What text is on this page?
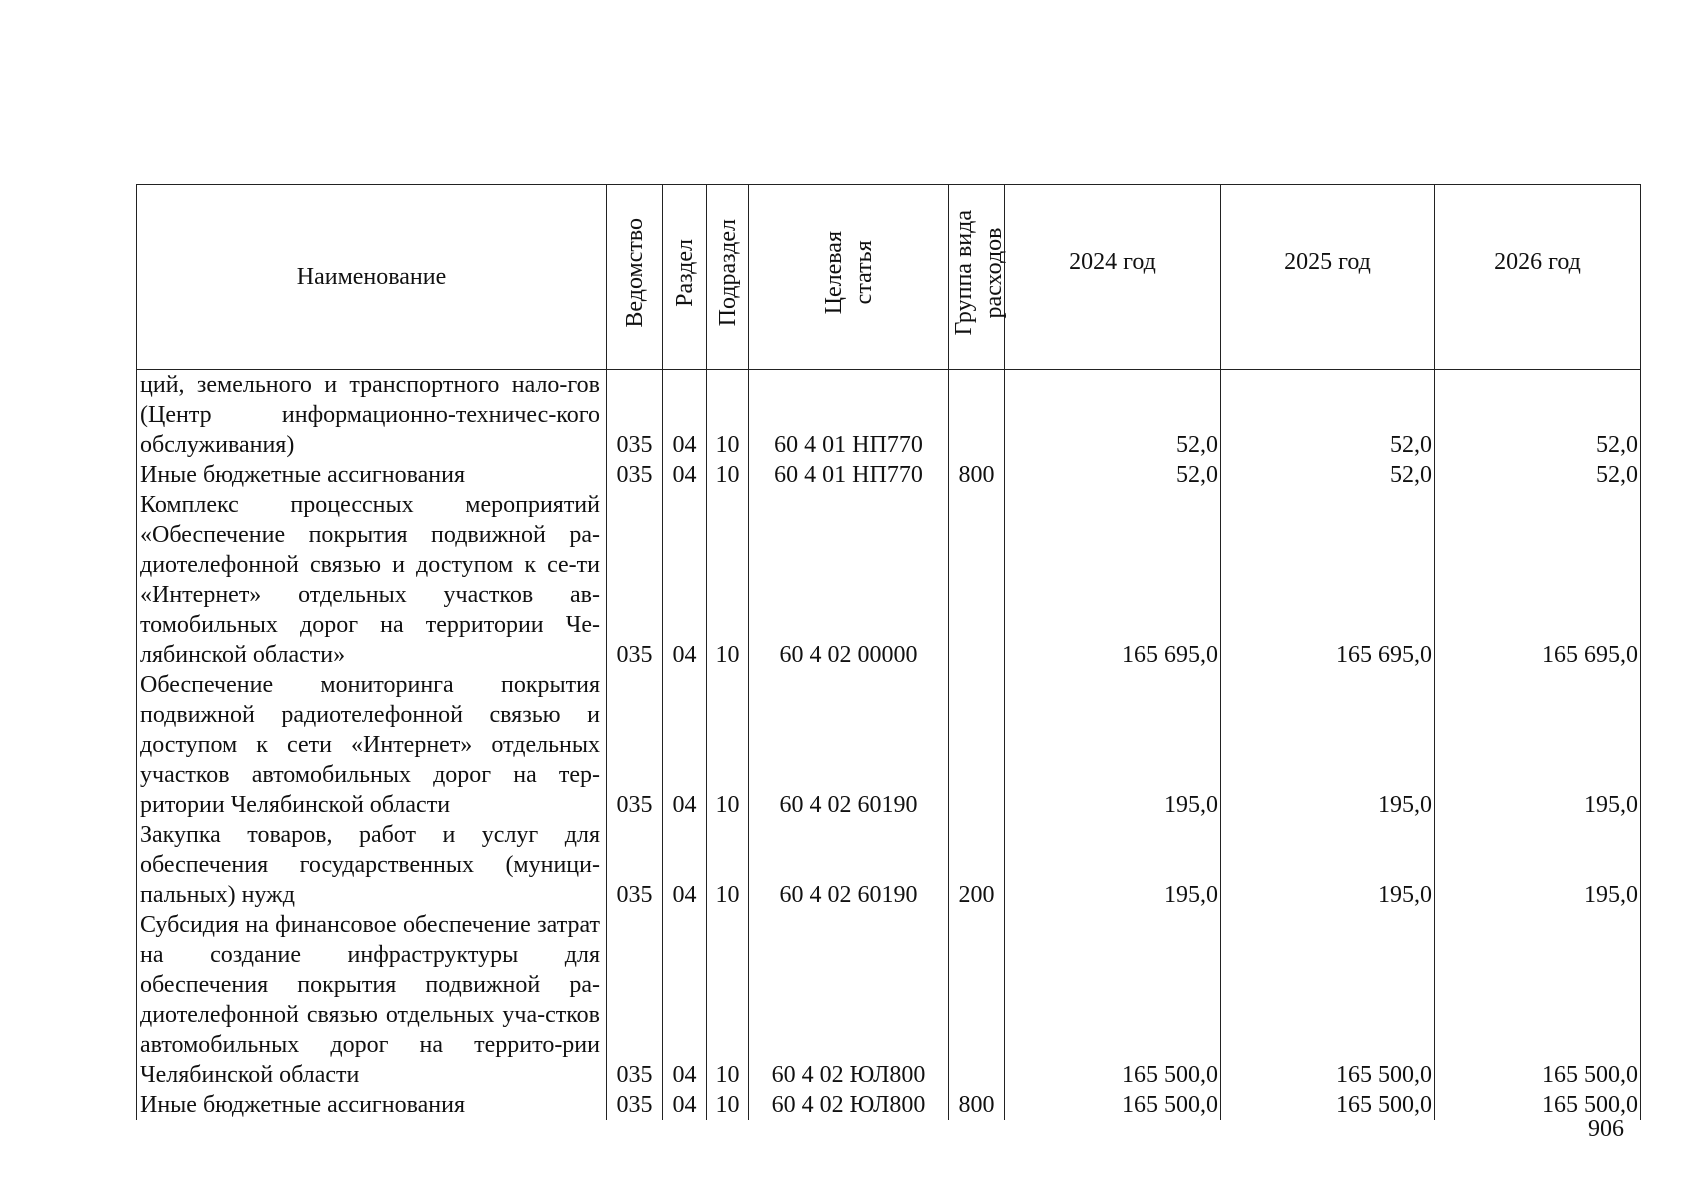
Наименование	Ведомство	Раздел	Подраздел	Целевая статья	Группа вида расходов	2024 год	2025 год	2026 год
ций, земельного и транспортного нало-гов (Центр информационно-техничес-кого обслуживания)	035	04	10	60 4 01 НП770		52,0	52,0	52,0
Иные бюджетные ассигнования	035	04	10	60 4 01 НП770	800	52,0	52,0	52,0
Комплекс процессных мероприятий «Обеспечение покрытия подвижной ра-диотелефонной связью и доступом к се-ти «Интернет» отдельных участков ав-томобильных дорог на территории Че-лябинской области»	035	04	10	60 4 02 00000		165 695,0	165 695,0	165 695,0
Обеспечение мониторинга покрытия подвижной радиотелефонной связью и доступом к сети «Интернет» отдельных участков автомобильных дорог на тер-ритории Челябинской области	035	04	10	60 4 02 60190		195,0	195,0	195,0
Закупка товаров, работ и услуг для обеспечения государственных (муници-пальных) нужд	035	04	10	60 4 02 60190	200	195,0	195,0	195,0
Субсидия на финансовое обеспечение затрат на создание инфраструктуры для обеспечения покрытия подвижной ра-диотелефонной связью отдельных уча-стков автомобильных дорог на террито-рии Челябинской области	035	04	10	60 4 02 ЮЛ800		165 500,0	165 500,0	165 500,0
Иные бюджетные ассигнования	035	04	10	60 4 02 ЮЛ800	800	165 500,0	165 500,0	165 500,0
906
